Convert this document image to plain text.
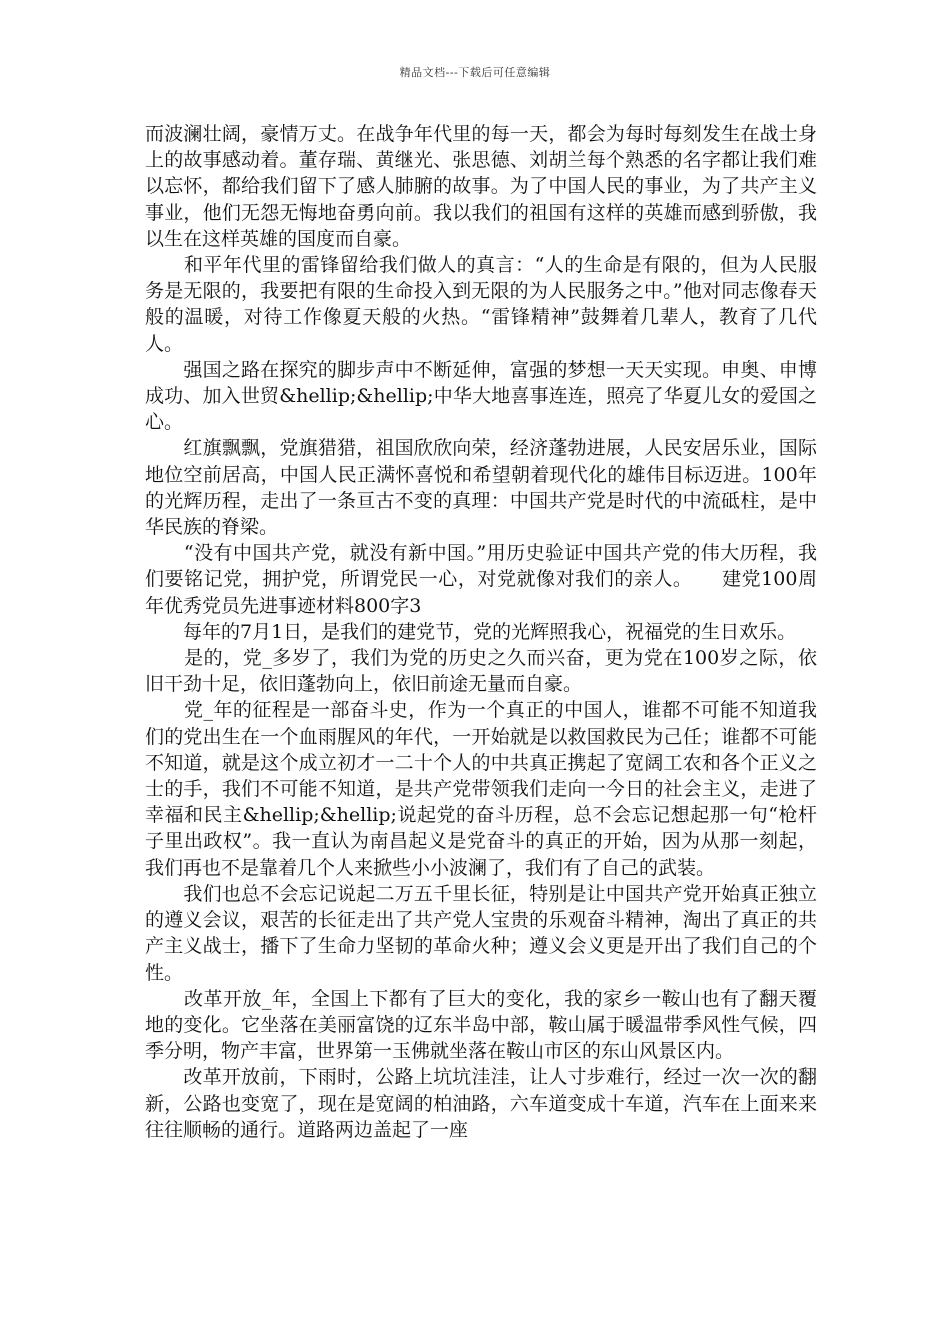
精品文档---下载后可任意编辑

而波澜壮阔，豪情万丈。在战争年代里的每一天，都会为每时每刻发生在战士身上的故事感动着。董存瑞、黄继光、张思德、刘胡兰每个熟悉的名字都让我们难以忘怀，都给我们留下了感人肺腑的故事。为了中国人民的事业，为了共产主义事业，他们无怨无悔地奋勇向前。我以我们的祖国有这样的英雄而感到骄傲，我以生在这样英雄的国度而自豪。

　　和平年代里的雷锋留给我们做人的真言：“人的生命是有限的，但为人民服务是无限的，我要把有限的生命投入到无限的为人民服务之中。”他对同志像春天般的温暖，对待工作像夏天般的火热。“雷锋精神”鼓舞着几辈人，教育了几代人。

　　强国之路在探究的脚步声中不断延伸，富强的梦想一天天实现。申奥、申博成功、加入世贸&hellip;&hellip;中华大地喜事连连，照亮了华夏儿女的爱国之心。

　　红旗飘飘，党旗猎猎，祖国欣欣向荣，经济蓬勃进展，人民安居乐业，国际地位空前居高，中国人民正满怀喜悦和希望朝着现代化的雄伟目标迈进。100年的光辉历程，走出了一条亘古不变的真理：中国共产党是时代的中流砥柱，是中华民族的脊梁。

　　“没有中国共产党，就没有新中国。”用历史验证中国共产党的伟大历程，我们要铭记党，拥护党，所谓党民一心，对党就像对我们的亲人。　　建党100周年优秀党员先进事迹材料800字3

　　每年的7月1日，是我们的建党节，党的光辉照我心，祝福党的生日欢乐。

　　是的，党_多岁了，我们为党的历史之久而兴奋，更为党在100岁之际，依旧干劲十足，依旧蓬勃向上，依旧前途无量而自豪。

　　党_年的征程是一部奋斗史，作为一个真正的中国人，谁都不可能不知道我们的党出生在一个血雨腥风的年代，一开始就是以救国救民为己任；谁都不可能不知道，就是这个成立初才一二十个人的中共真正携起了宽阔工农和各个正义之士的手，我们不可能不知道，是共产党带领我们走向一今日的社会主义，走进了幸福和民主&hellip;&hellip;说起党的奋斗历程，总不会忘记想起那一句“枪杆子里出政权”。我一直认为南昌起义是党奋斗的真正的开始，因为从那一刻起，我们再也不是靠着几个人来掀些小小波澜了，我们有了自己的武装。

　　我们也总不会忘记说起二万五千里长征，特别是让中国共产党开始真正独立的遵义会议，艰苦的长征走出了共产党人宝贵的乐观奋斗精神，淘出了真正的共产主义战士，播下了生命力坚韧的革命火种；遵义会义更是开出了我们自己的个性。

　　改革开放_年，全国上下都有了巨大的变化，我的家乡一鞍山也有了翻天覆地的变化。它坐落在美丽富饶的辽东半岛中部，鞍山属于暖温带季风性气候，四季分明，物产丰富，世界第一玉佛就坐落在鞍山市区的东山风景区内。

　　改革开放前，下雨时，公路上坑坑洼洼，让人寸步难行，经过一次一次的翻新，公路也变宽了，现在是宽阔的柏油路，六车道变成十车道，汽车在上面来来往往顺畅的通行。道路两边盖起了一座
